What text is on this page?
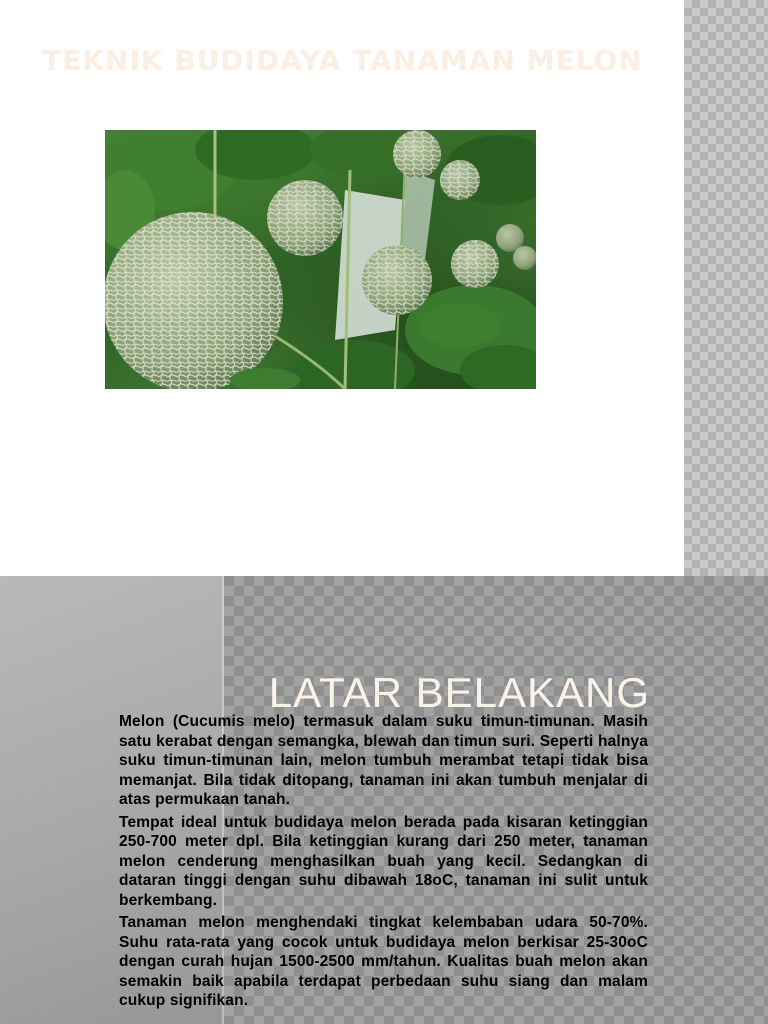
TEKNIK BUDIDAYA TANAMAN MELON
LATAR BELAKANG

Melon (Cucumis melo) termasuk dalam suku timun-timunan. Masih satu kerabat dengan semangka, blewah dan timun suri. Seperti halnya suku timun-timunan lain, melon tumbuh merambat tetapi tidak bisa memanjat. Bila tidak ditopang, tanaman ini akan tumbuh menjalar di atas permukaan tanah.

Tempat ideal untuk budidaya melon berada pada kisaran ketinggian 250-700 meter dpl. Bila ketinggian kurang dari 250 meter, tanaman melon cenderung menghasilkan buah yang kecil. Sedangkan di dataran tinggi dengan suhu dibawah 18oC, tanaman ini sulit untuk berkembang.

Tanaman melon menghendaki tingkat kelembaban udara 50-70%. Suhu rata-rata yang cocok untuk budidaya melon berkisar 25-30oC dengan curah hujan 1500-2500 mm/tahun. Kualitas buah melon akan semakin baik apabila terdapat perbedaan suhu siang dan malam cukup signifikan.
